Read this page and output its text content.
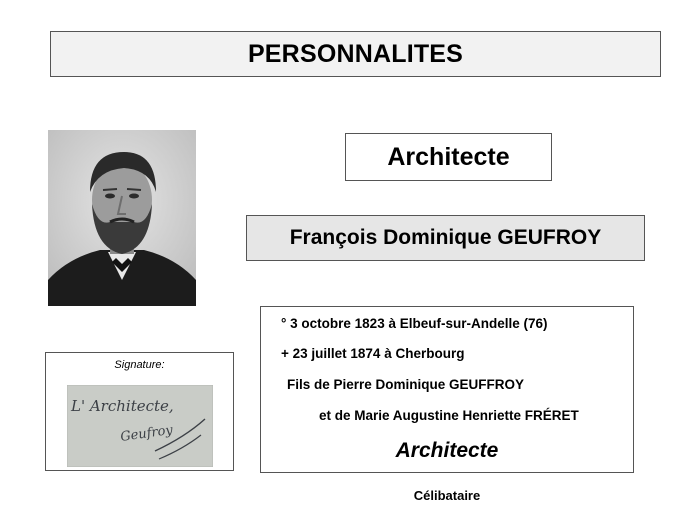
PERSONNALITES
Architecte
François Dominique GEUFROY
Signature:
L' Architecte,
Geufroy
° 3 octobre 1823 à Elbeuf-sur-Andelle (76)
+ 23 juillet 1874 à Cherbourg
Fils de Pierre Dominique GEUFFROY
et de Marie Augustine Henriette FRÉRET
Architecte
Célibataire
